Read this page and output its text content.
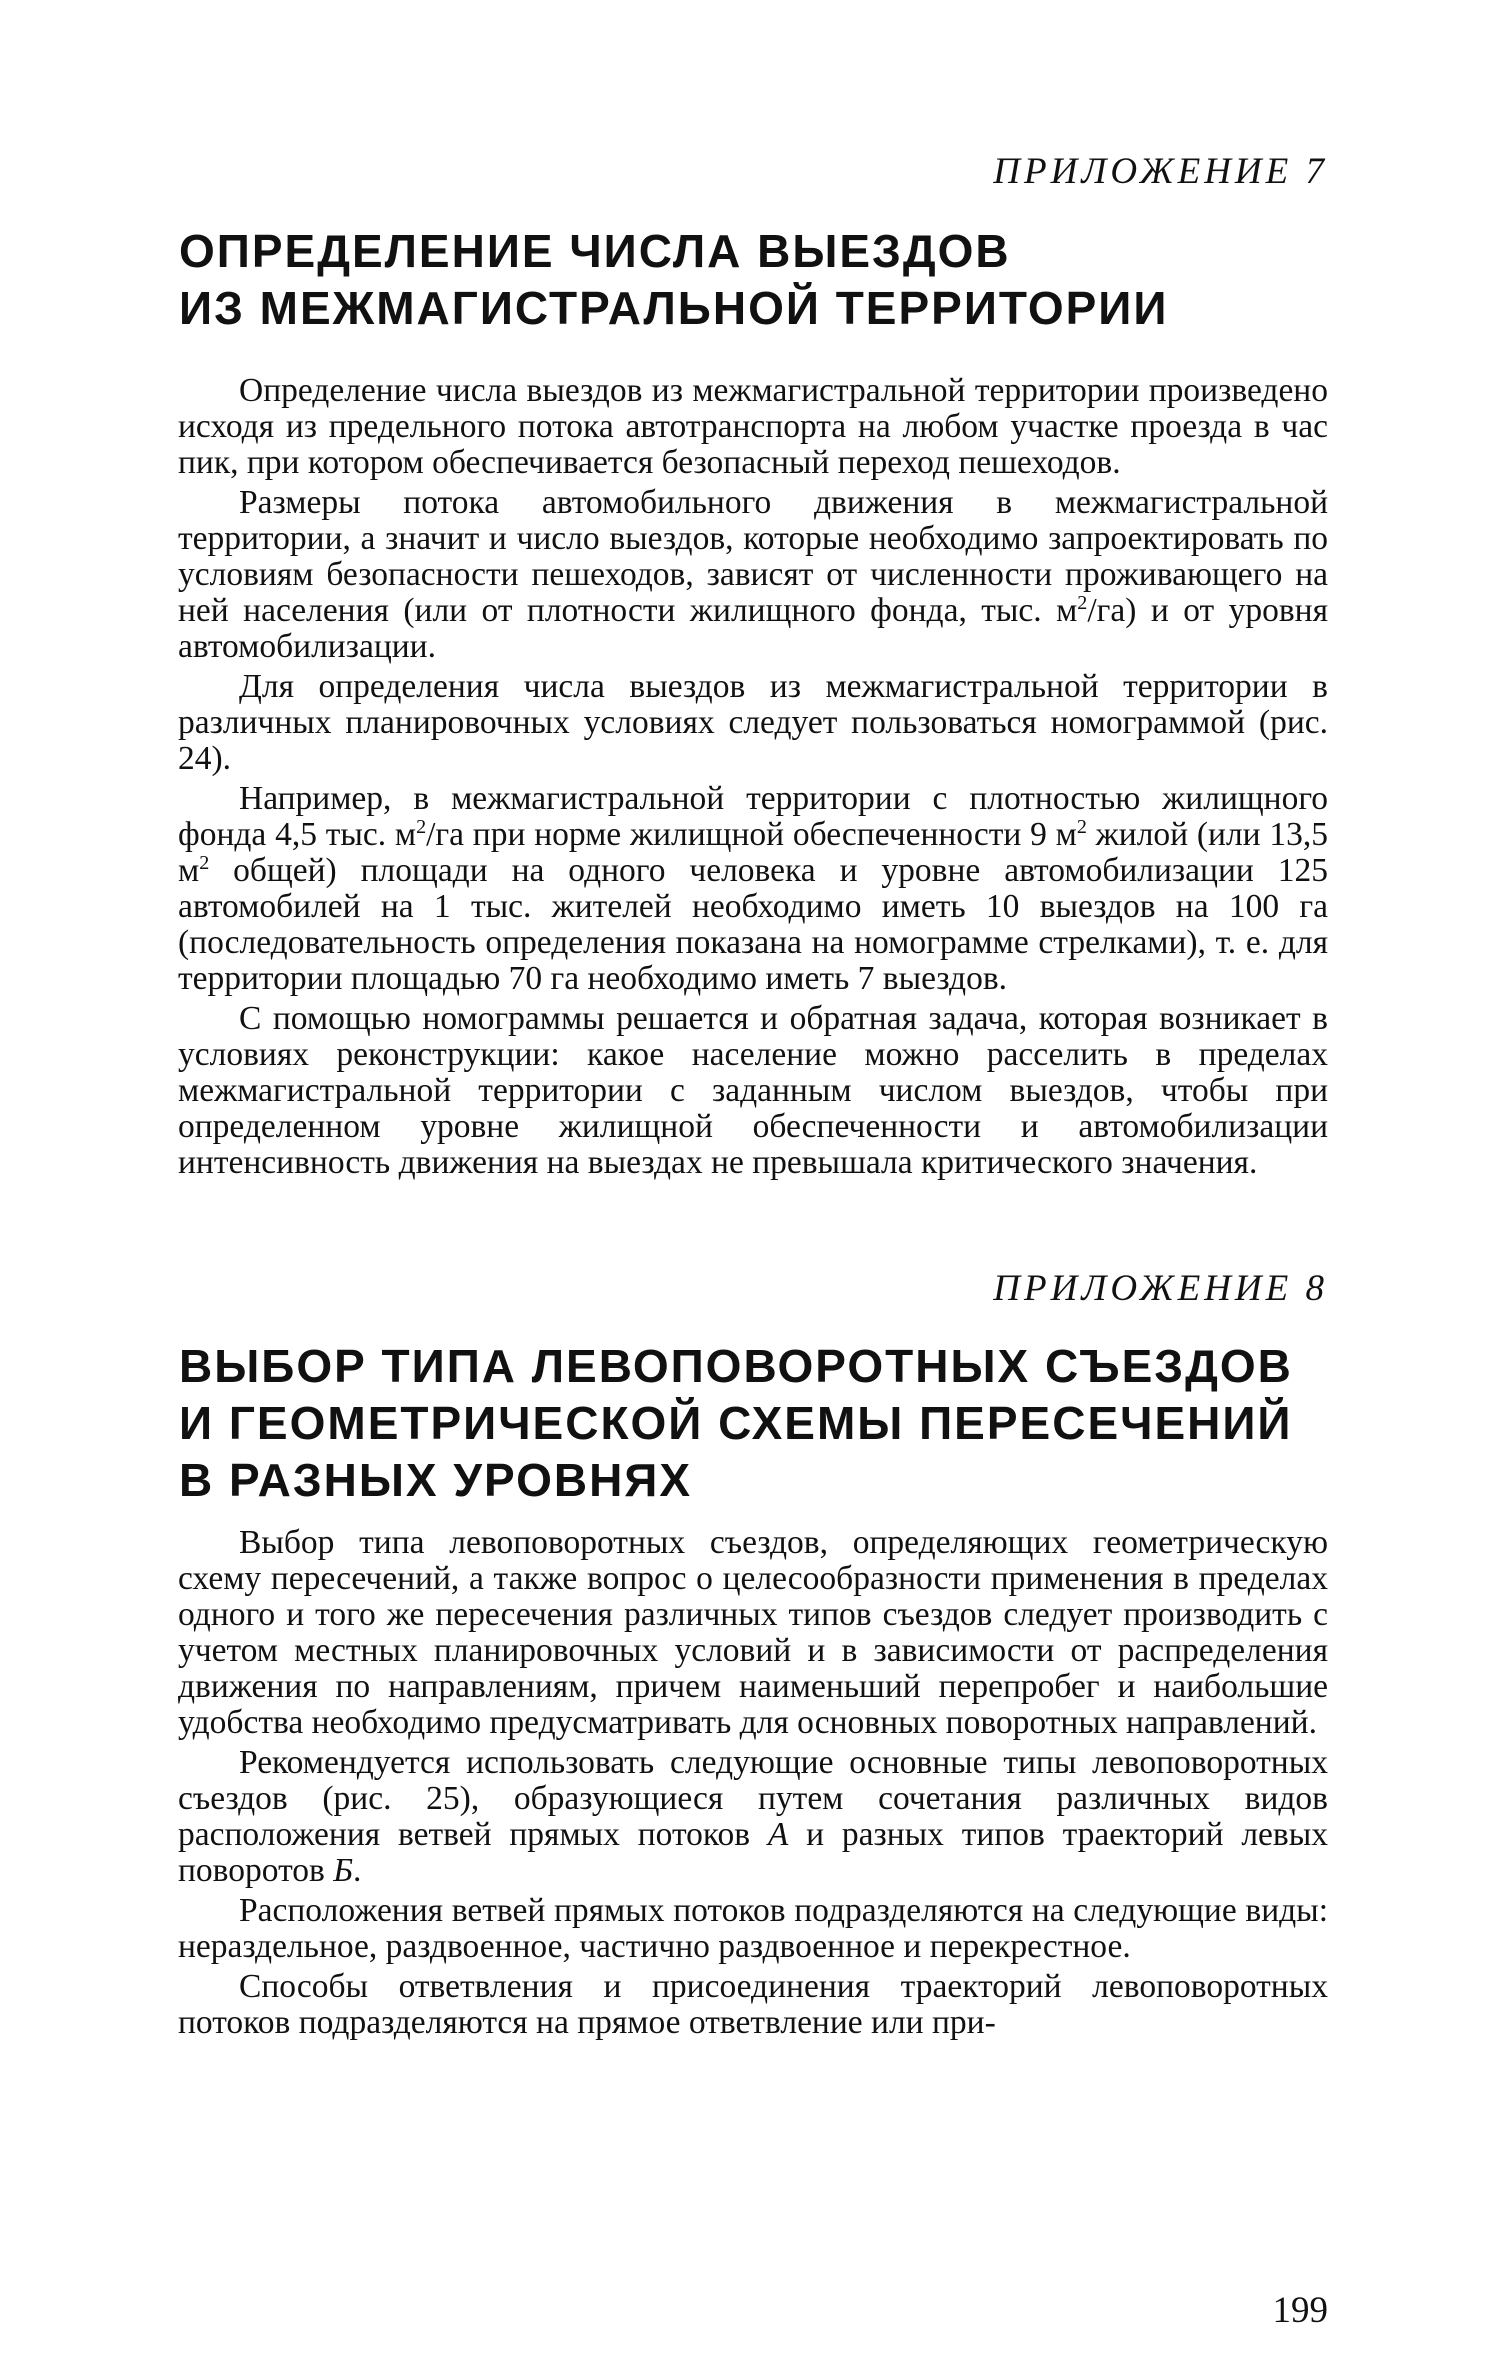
ПРИЛОЖЕНИЕ 7
ОПРЕДЕЛЕНИЕ ЧИСЛА ВЫЕЗДОВ
ИЗ МЕЖМАГИСТРАЛЬНОЙ ТЕРРИТОРИИ

Определение числа выездов из межмагистральной территории произведено исходя из предельного потока автотранспорта на любом участке проезда в час пик, при котором обеспечивается безопасный переход пешеходов.

Размеры потока автомобильного движения в межмагистральной территории, а значит и число выездов, которые необходимо запроектировать по условиям безопасности пешеходов, зависят от численности проживающего на ней населения (или от плотности жилищного фонда, тыс. $м^2/га$) и от уровня автомобилизации.

Для определения числа выездов из межмагистральной территории в различных планировочных условиях следует пользоваться номограммой (рис. 24).

Например, в межмагистральной территории с плотностью жилищного фонда 4,5 тыс. $м^2/га$ при норме жилищной обеспеченности 9 $м^2$ жилой (или 13,5 $м^2$ общей) площади на одного человека и уровне автомобилизации 125 автомобилей на 1 тыс. жителей необходимо иметь 10 выездов на 100 га (последовательность определения показана на номограмме стрелками), т. е. для территории площадью 70 га необходимо иметь 7 выездов.

С помощью номограммы решается и обратная задача, которая возникает в условиях реконструкции: какое население можно расселить в пределах межмагистральной территории с заданным числом выездов, чтобы при определенном уровне жилищной обеспеченности и автомобилизации интенсивность движения на выездах не превышала критического значения.

ПРИЛОЖЕНИЕ 8
ВЫБОР ТИПА ЛЕВОПОВОРОТНЫХ СЪЕЗДОВ
И ГЕОМЕТРИЧЕСКОЙ СХЕМЫ ПЕРЕСЕЧЕНИЙ
В РАЗНЫХ УРОВНЯХ

Выбор типа левоповоротных съездов, определяющих геометрическую схему пересечений, а также вопрос о целесообразности применения в пределах одного и того же пересечения различных типов съездов следует производить с учетом местных планировочных условий и в зависимости от распределения движения по направлениям, причем наименьший перепробег и наибольшие удобства необходимо предусматривать для основных поворотных направлений.

Рекомендуется использовать следующие основные типы левоповоротных съездов (рис. 25), образующиеся путем сочетания различных видов расположения ветвей прямых потоков А и разных типов траекторий левых поворотов Б.

Расположения ветвей прямых потоков подразделяются на следующие виды: нераздельное, раздвоенное, частично раздвоенное и перекрестное.

Способы ответвления и присоединения траекторий левоповоротных потоков подразделяются на прямое ответвление или при-

199
